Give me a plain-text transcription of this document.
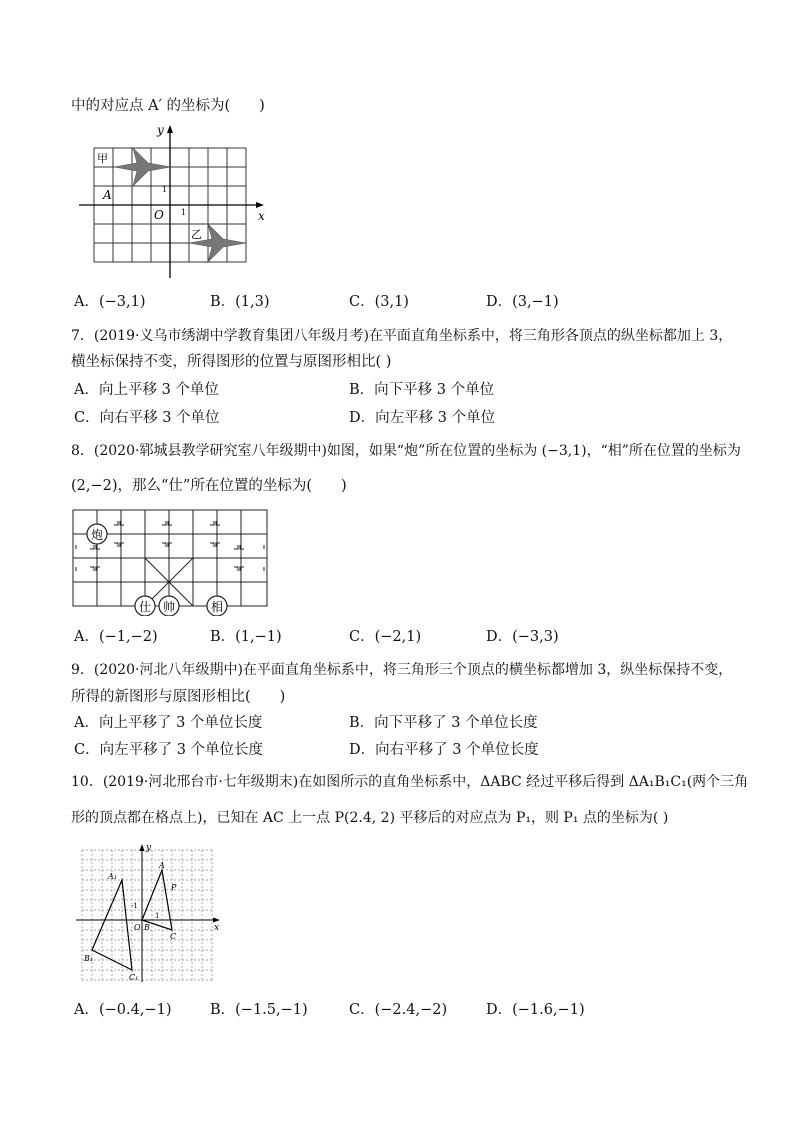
中的对应点 A′ 的坐标为(　　)
甲
乙
A
O	x
y
1
1
A．(−3,1)	B．(1,3)	C．(3,1)	D．(3,−1)
7．(2019·义乌市绣湖中学教育集团八年级月考)在平面直角坐标系中，将三角形各顶点的纵坐标都加上 3，
横坐标保持不变，所得图形的位置与原图形相比( )
A．向上平移 3 个单位	B．向下平移 3 个单位
C．向右平移 3 个单位	D．向左平移 3 个单位
8．(2020·郓城县教学研究室八年级期中)如图，如果“炮”所在位置的坐标为 (−3,1)，“相”所在位置的坐标为
(2,−2)，那么“仕”所在位置的坐标为(　　)
炮
仕 帅	相
A．(−1,−2)	B．(1,−1)	C．(−2,1)	D．(−3,3)
9．(2020·河北八年级期中)在平面直角坐标系中，将三角形三个顶点的横坐标都增加 3，纵坐标保持不变，
所得的新图形与原图形相比(　　)
A．向上平移了 3 个单位长度	B．向下平移了 3 个单位长度
C．向左平移了 3 个单位长度	D．向右平移了 3 个单位长度
10．(2019·河北邢台市·七年级期末)在如图所示的直角坐标系中，ΔABC 经过平移后得到 ΔA₁B₁C₁(两个三角
形的顶点都在格点上)，已知在 AC 上一点 P(2.4, 2) 平移后的对应点为 P₁，则 P₁ 点的坐标为( )
x
y
A
P
C
B
O
1
-1
A₁
B₁
C₁
A．(−0.4,−1)	B．(−1.5,−1)	C．(−2.4,−2)	D．(−1.6,−1)
